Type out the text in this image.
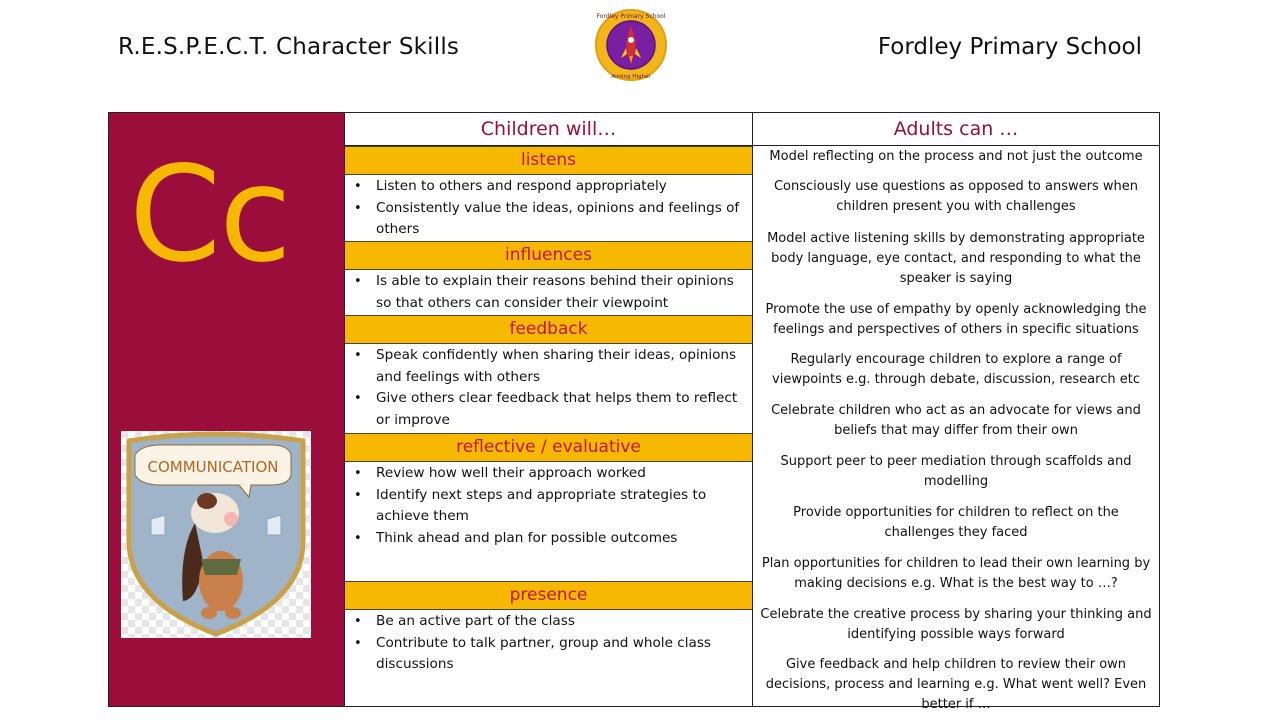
R.E.S.P.E.C.T. Character Skills
Fordley Primary School
Aiming Higher
Fordley Primary School
Cc
COMMUNICATION
Children will…
listens
• Listen to others and respond appropriately
• Consistently value the ideas, opinions and feelings of others
influences
• Is able to explain their reasons behind their opinions so that others can consider their viewpoint
feedback
• Speak confidently when sharing their ideas, opinions and feelings with others
• Give others clear feedback that helps them to reflect or improve
reflective / evaluative
• Review how well their approach worked
• Identify next steps and appropriate strategies to achieve them
• Think ahead and plan for possible outcomes
presence
• Be an active part of the class
• Contribute to talk partner, group and whole class discussions
Adults can …
Model reflecting on the process and not just the outcome
Consciously use questions as opposed to answers when children present you with challenges
Model active listening skills by demonstrating appropriate body language, eye contact, and responding to what the speaker is saying
Promote the use of empathy by openly acknowledging the feelings and perspectives of others in specific situations
Regularly encourage children to explore a range of viewpoints e.g. through debate, discussion, research etc
Celebrate children who act as an advocate for views and beliefs that may differ from their own
Support peer to peer mediation through scaffolds and modelling
Provide opportunities for children to reflect on the challenges they faced
Plan opportunities for children to lead their own learning by making decisions e.g. What is the best way to …?
Celebrate the creative process by sharing your thinking and identifying possible ways forward
Give feedback and help children to review their own decisions, process and learning e.g. What went well? Even better if …
